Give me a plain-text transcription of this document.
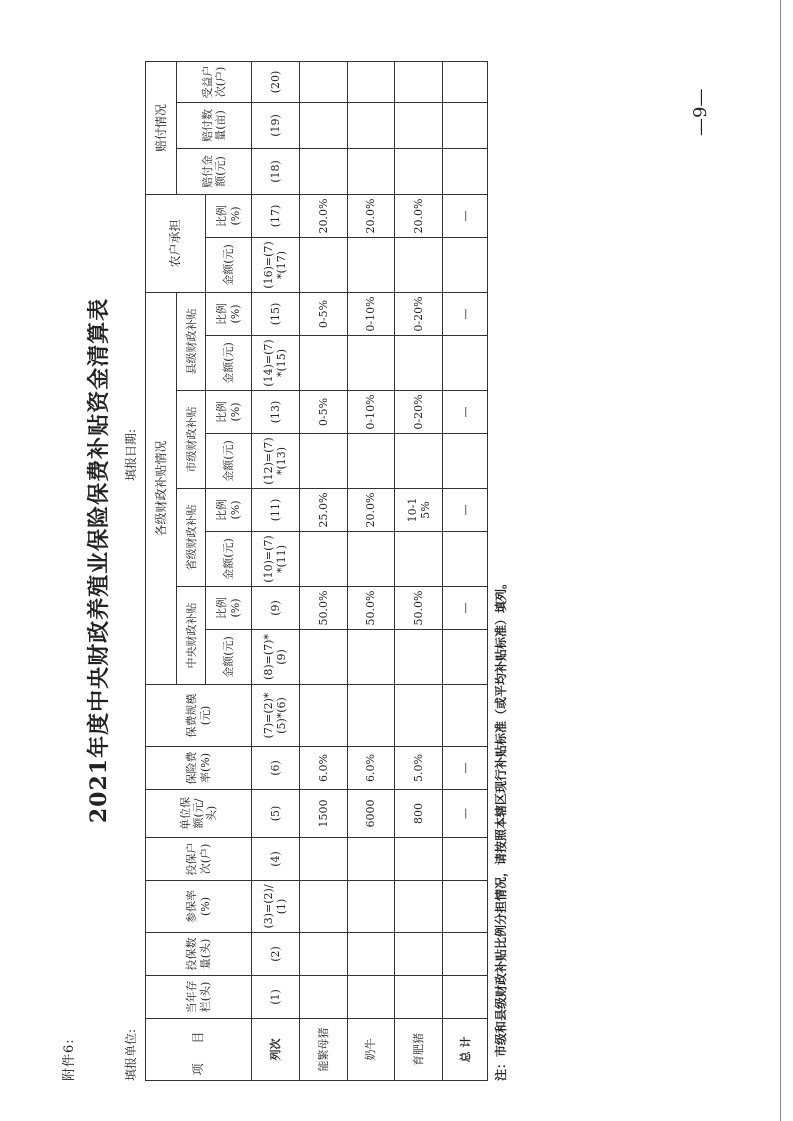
附件6:
2021年度中央财政养殖业保险保费补贴资金清算表
填报单位:
填报日期:
项 目	当年存栏(头)	投保数量(头)	参保率(%)	投保户次(户)	单位保额(元/头)	保险费率(%)	保费规模(元)	各级财政补贴情况								农户承担		赔付情况		
								中央财政补贴		省级财政补贴		市级财政补贴		县级财政补贴				赔付金额(元)	赔付数量(亩)	受益户次(户)
								金额(元)	比例(%)	金额(元)	比例(%)	金额(元)	比例(%)	金额(元)	比例(%)	金额(元)	比例(%)			
列次	(1)	(2)	(3)=(2)/(1)	(4)	(5)	(6)	(7)=(2)*(5)*(6)	(8)=(7)*(9)	(9)	(10)=(7)*(11)	(11)	(12)=(7)*(13)	(13)	(14)=(7)*(15)	(15)	(16)=(7)*(17)	(17)	(18)	(19)	(20)
能繁母猪					1500	6.0%			50.0%		25.0%		0-5%		0-5%		20.0%			
奶牛					6000	6.0%			50.0%		20.0%		0-10%		0-10%		20.0%			
育肥猪					800	5.0%			50.0%		10-15%		0-20%		0-20%		20.0%			
总 计					—	—			—		—		—		—		—			
注：市级和县级财政补贴比例分担情况，请按照本辖区现行补贴标准（或平均补贴标准）填列。
—9—
